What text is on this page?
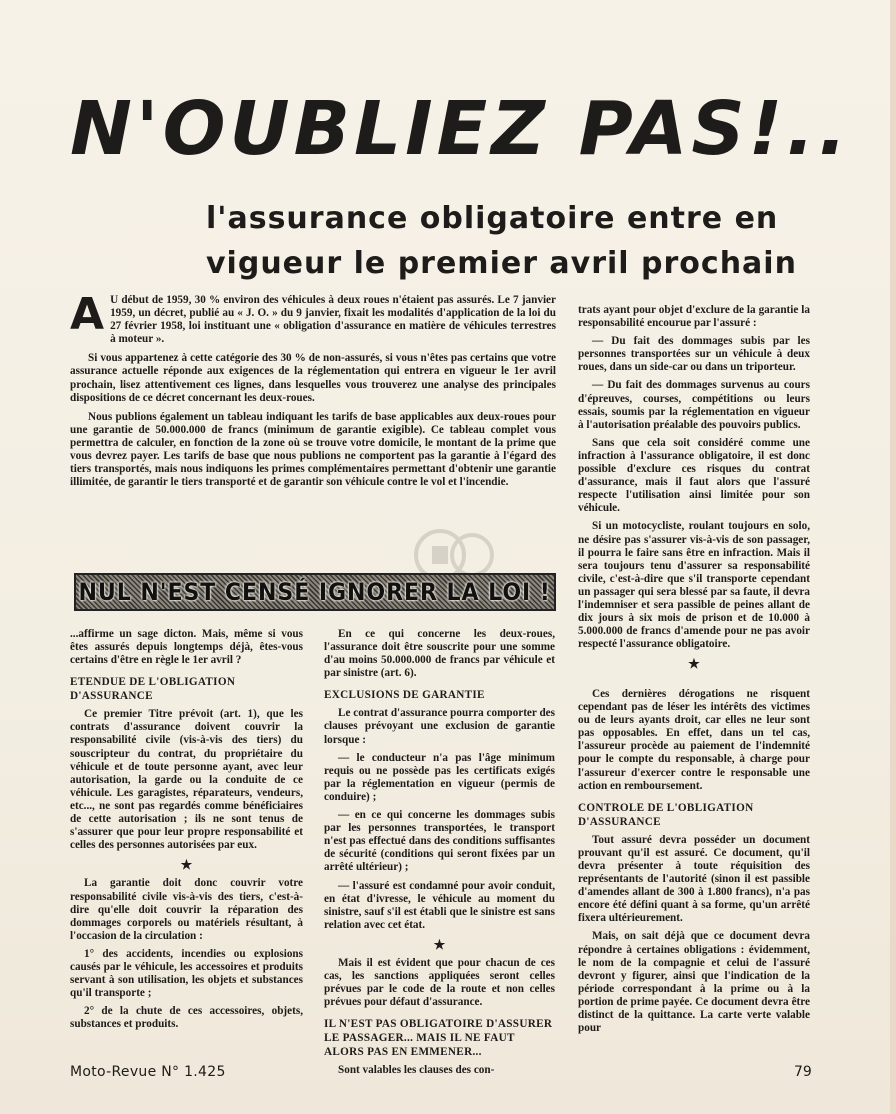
N'OUBLIEZ PAS!..
l'assurance obligatoire entre en
vigueur le premier avril prochain

A U début de 1959, 30 % environ des véhicules à deux roues n'étaient pas assurés. Le 7 janvier 1959, un décret, publié au « J. O. » du 9 janvier, fixait les modalités d'application de la loi du 27 février 1958, loi instituant une « obligation d'assurance en matière de véhicules terrestres à moteur ».

Si vous appartenez à cette catégorie des 30 % de non-assurés, si vous n'êtes pas certains que votre assurance actuelle réponde aux exigences de la réglementation qui entrera en vigueur le 1er avril prochain, lisez attentivement ces lignes, dans lesquelles vous trouverez une analyse des principales dispositions de ce décret concernant les deux-roues.

Nous publions également un tableau indiquant les tarifs de base applicables aux deux-roues pour une garantie de 50.000.000 de francs (minimum de garantie exigible). Ce tableau complet vous permettra de calculer, en fonction de la zone où se trouve votre domicile, le montant de la prime que vous devrez payer. Les tarifs de base que nous publions ne comportent pas la garantie à l'égard des tiers transportés, mais nous indiquons les primes complémentaires permettant d'obtenir une garantie illimitée, de garantir le tiers transporté et de garantir son véhicule contre le vol et l'incendie.

NUL N'EST CENSÉ IGNORER LA LOI !

...affirme un sage dicton. Mais, même si vous êtes assurés depuis longtemps déjà, êtes-vous certains d'être en règle le 1er avril ?

ETENDUE DE L'OBLIGATION D'ASSURANCE

Ce premier Titre prévoit (art. 1), que les contrats d'assurance doivent couvrir la responsabilité civile (vis-à-vis des tiers) du souscripteur du contrat, du propriétaire du véhicule et de toute personne ayant, avec leur autorisation, la garde ou la conduite de ce véhicule. Les garagistes, réparateurs, vendeurs, etc..., ne sont pas regardés comme bénéficiaires de cette autorisation ; ils ne sont tenus de s'assurer que pour leur propre responsabilité et celles des personnes autorisées par eux.

★

La garantie doit donc couvrir votre responsabilité civile vis-à-vis des tiers, c'est-à-dire qu'elle doit couvrir la réparation des dommages corporels ou matériels résultant, à l'occasion de la circulation :

1° des accidents, incendies ou explosions causés par le véhicule, les accessoires et produits servant à son utilisation, les objets et substances qu'il transporte ;

2° de la chute de ces accessoires, objets, substances et produits.

En ce qui concerne les deux-roues, l'assurance doit être souscrite pour une somme d'au moins 50.000.000 de francs par véhicule et par sinistre (art. 6).

EXCLUSIONS DE GARANTIE

Le contrat d'assurance pourra comporter des clauses prévoyant une exclusion de garantie lorsque :

— le conducteur n'a pas l'âge minimum requis ou ne possède pas les certificats exigés par la réglementation en vigueur (permis de conduire) ;

— en ce qui concerne les dommages subis par les personnes transportées, le transport n'est pas effectué dans des conditions suffisantes de sécurité (conditions qui seront fixées par un arrêté ultérieur) ;

— l'assuré est condamné pour avoir conduit, en état d'ivresse, le véhicule au moment du sinistre, sauf s'il est établi que le sinistre est sans relation avec cet état.

★

Mais il est évident que pour chacun de ces cas, les sanctions appliquées seront celles prévues par le code de la route et non celles prévues pour défaut d'assurance.

IL N'EST PAS OBLIGATOIRE D'ASSURER LE PASSAGER... MAIS IL NE FAUT ALORS PAS EN EMMENER...

Sont valables les clauses des con-

trats ayant pour objet d'exclure de la garantie la responsabilité encourue par l'assuré :

— Du fait des dommages subis par les personnes transportées sur un véhicule à deux roues, dans un side-car ou dans un triporteur.

— Du fait des dommages survenus au cours d'épreuves, courses, compétitions ou leurs essais, soumis par la réglementation en vigueur à l'autorisation préalable des pouvoirs publics.

Sans que cela soit considéré comme une infraction à l'assurance obligatoire, il est donc possible d'exclure ces risques du contrat d'assurance, mais il faut alors que l'assuré respecte l'utilisation ainsi limitée pour son véhicule.

Si un motocycliste, roulant toujours en solo, ne désire pas s'assurer vis-à-vis de son passager, il pourra le faire sans être en infraction. Mais il sera toujours tenu d'assurer sa responsabilité civile, c'est-à-dire que s'il transporte cependant un passager qui sera blessé par sa faute, il devra l'indemniser et sera passible de peines allant de dix jours à six mois de prison et de 10.000 à 5.000.000 de francs d'amende pour ne pas avoir respecté l'assurance obligatoire.

★

Ces dernières dérogations ne risquent cependant pas de léser les intérêts des victimes ou de leurs ayants droit, car elles ne leur sont pas opposables. En effet, dans un tel cas, l'assureur procède au paiement de l'indemnité pour le compte du responsable, à charge pour l'assureur d'exercer contre le responsable une action en remboursement.

CONTROLE DE L'OBLIGATION D'ASSURANCE

Tout assuré devra posséder un document prouvant qu'il est assuré. Ce document, qu'il devra présenter à toute réquisition des représentants de l'autorité (sinon il est passible d'amendes allant de 300 à 1.800 francs), n'a pas encore été défini quant à sa forme, qu'un arrêté fixera ultérieurement.

Mais, on sait déjà que ce document devra répondre à certaines obligations : évidemment, le nom de la compagnie et celui de l'assuré devront y figurer, ainsi que l'indication de la période correspondant à la prime ou à la portion de prime payée. Ce document devra être distinct de la quittance. La carte verte valable pour

Moto-Revue N° 1.425	79
